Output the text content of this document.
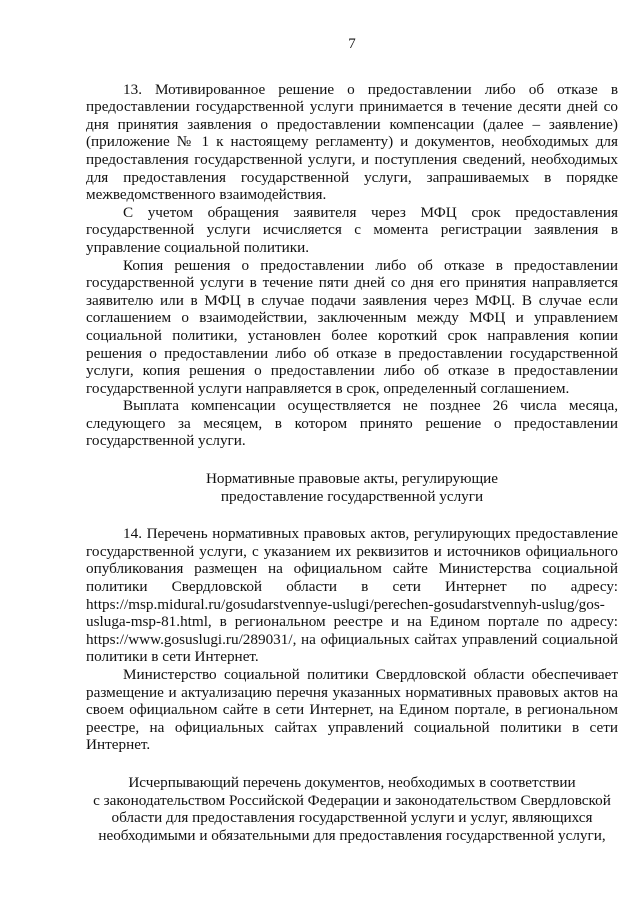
7

13. Мотивированное решение о предоставлении либо об отказе в предоставлении государственной услуги принимается в течение десяти дней со дня принятия заявления о предоставлении компенсации (далее – заявление) (приложение № 1 к настоящему регламенту) и документов, необходимых для предоставления государственной услуги, и поступления сведений, необходимых для предоставления государственной услуги, запрашиваемых в порядке межведомственного взаимодействия.

С учетом обращения заявителя через МФЦ срок предоставления государственной услуги исчисляется с момента регистрации заявления в управление социальной политики.

Копия решения о предоставлении либо об отказе в предоставлении государственной услуги в течение пяти дней со дня его принятия направляется заявителю или в МФЦ в случае подачи заявления через МФЦ. В случае если соглашением о взаимодействии, заключенным между МФЦ и управлением социальной политики, установлен более короткий срок направления копии решения о предоставлении либо об отказе в предоставлении государственной услуги, копия решения о предоставлении либо об отказе в предоставлении государственной услуги направляется в срок, определенный соглашением.

Выплата компенсации осуществляется не позднее 26 числа месяца, следующего за месяцем, в котором принято решение о предоставлении государственной услуги.

Нормативные правовые акты, регулирующие предоставление государственной услуги

14. Перечень нормативных правовых актов, регулирующих предоставление государственной услуги, с указанием их реквизитов и источников официального опубликования размещен на официальном сайте Министерства социальной политики Свердловской области в сети Интернет по адресу: https://msp.midural.ru/gosudarstvennye-uslugi/perechen-gosudarstvennyh-uslug/gos-usluga-msp-81.html, в региональном реестре и на Едином портале по адресу: https://www.gosuslugi.ru/289031/, на официальных сайтах управлений социальной политики в сети Интернет.

Министерство социальной политики Свердловской области обеспечивает размещение и актуализацию перечня указанных нормативных правовых актов на своем официальном сайте в сети Интернет, на Едином портале, в региональном реестре, на официальных сайтах управлений социальной политики в сети Интернет.

Исчерпывающий перечень документов, необходимых в соответствии

с законодательством Российской Федерации и законодательством Свердловской

области для предоставления государственной услуги и услуг, являющихся

необходимыми и обязательными для предоставления государственной услуги,
